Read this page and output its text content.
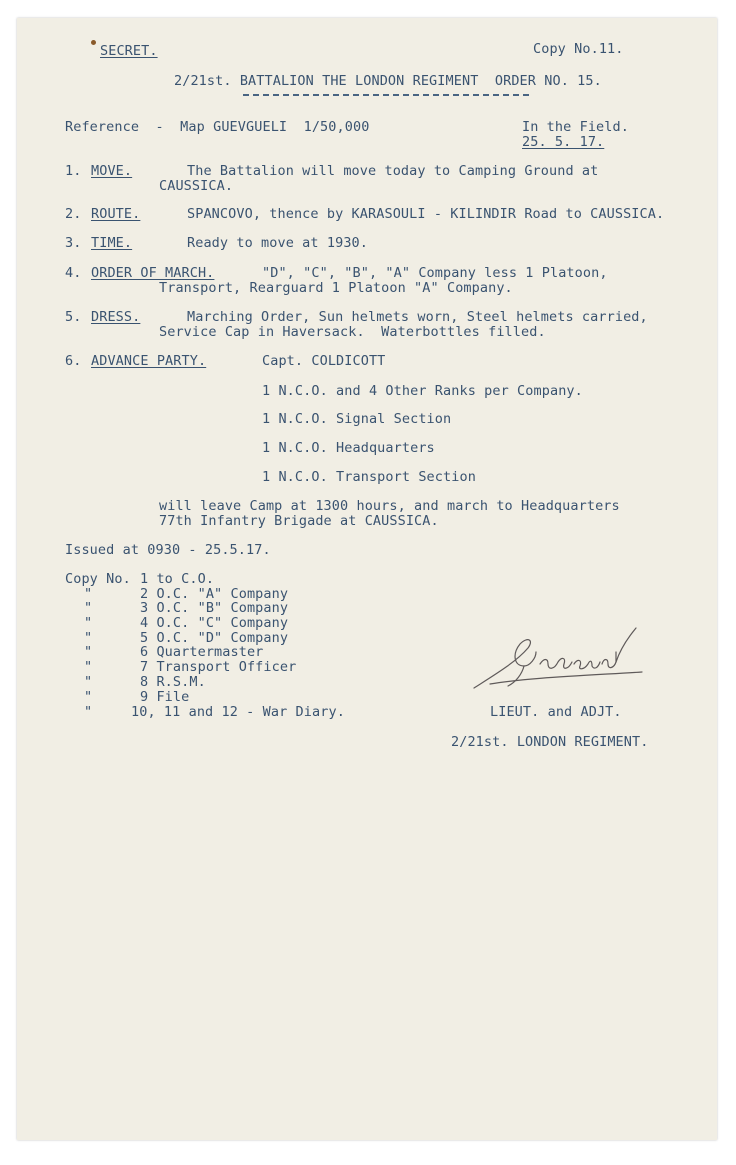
SECRET.	Copy No.11.
2/21st. BATTALION THE LONDON REGIMENT  ORDER NO. 15.
Reference  -  Map GUEVGUELI  1/50,000	In the Field.
25. 5. 17.
1. MOVE.	The Battalion will move today to Camping Ground at
CAUSSICA.
2. ROUTE.	SPANCOVO, thence by KARASOULI - KILINDIR Road to CAUSSICA.
3. TIME.	Ready to move at 1930.
4. ORDER OF MARCH.	"D", "C", "B", "A" Company less 1 Platoon,
Transport, Rearguard 1 Platoon "A" Company.
5. DRESS.	Marching Order, Sun helmets worn, Steel helmets carried,
Service Cap in Haversack.  Waterbottles filled.
6. ADVANCE PARTY.	Capt. COLDICOTT
1 N.C.O. and 4 Other Ranks per Company.
1 N.C.O. Signal Section
1 N.C.O. Headquarters
1 N.C.O. Transport Section
will leave Camp at 1300 hours, and march to Headquarters
77th Infantry Brigade at CAUSSICA.
Issued at 0930 - 25.5.17.
Copy No. 1 to C.O.
"	2 O.C. "A" Company
"	3 O.C. "B" Company
"	4 O.C. "C" Company
"	5 O.C. "D" Company
"	6 Quartermaster
"	7 Transport Officer
"	8 R.S.M.
"	9 File
"	10, 11 and 12 - War Diary.	LIEUT. and ADJT.
2/21st. LONDON REGIMENT.
